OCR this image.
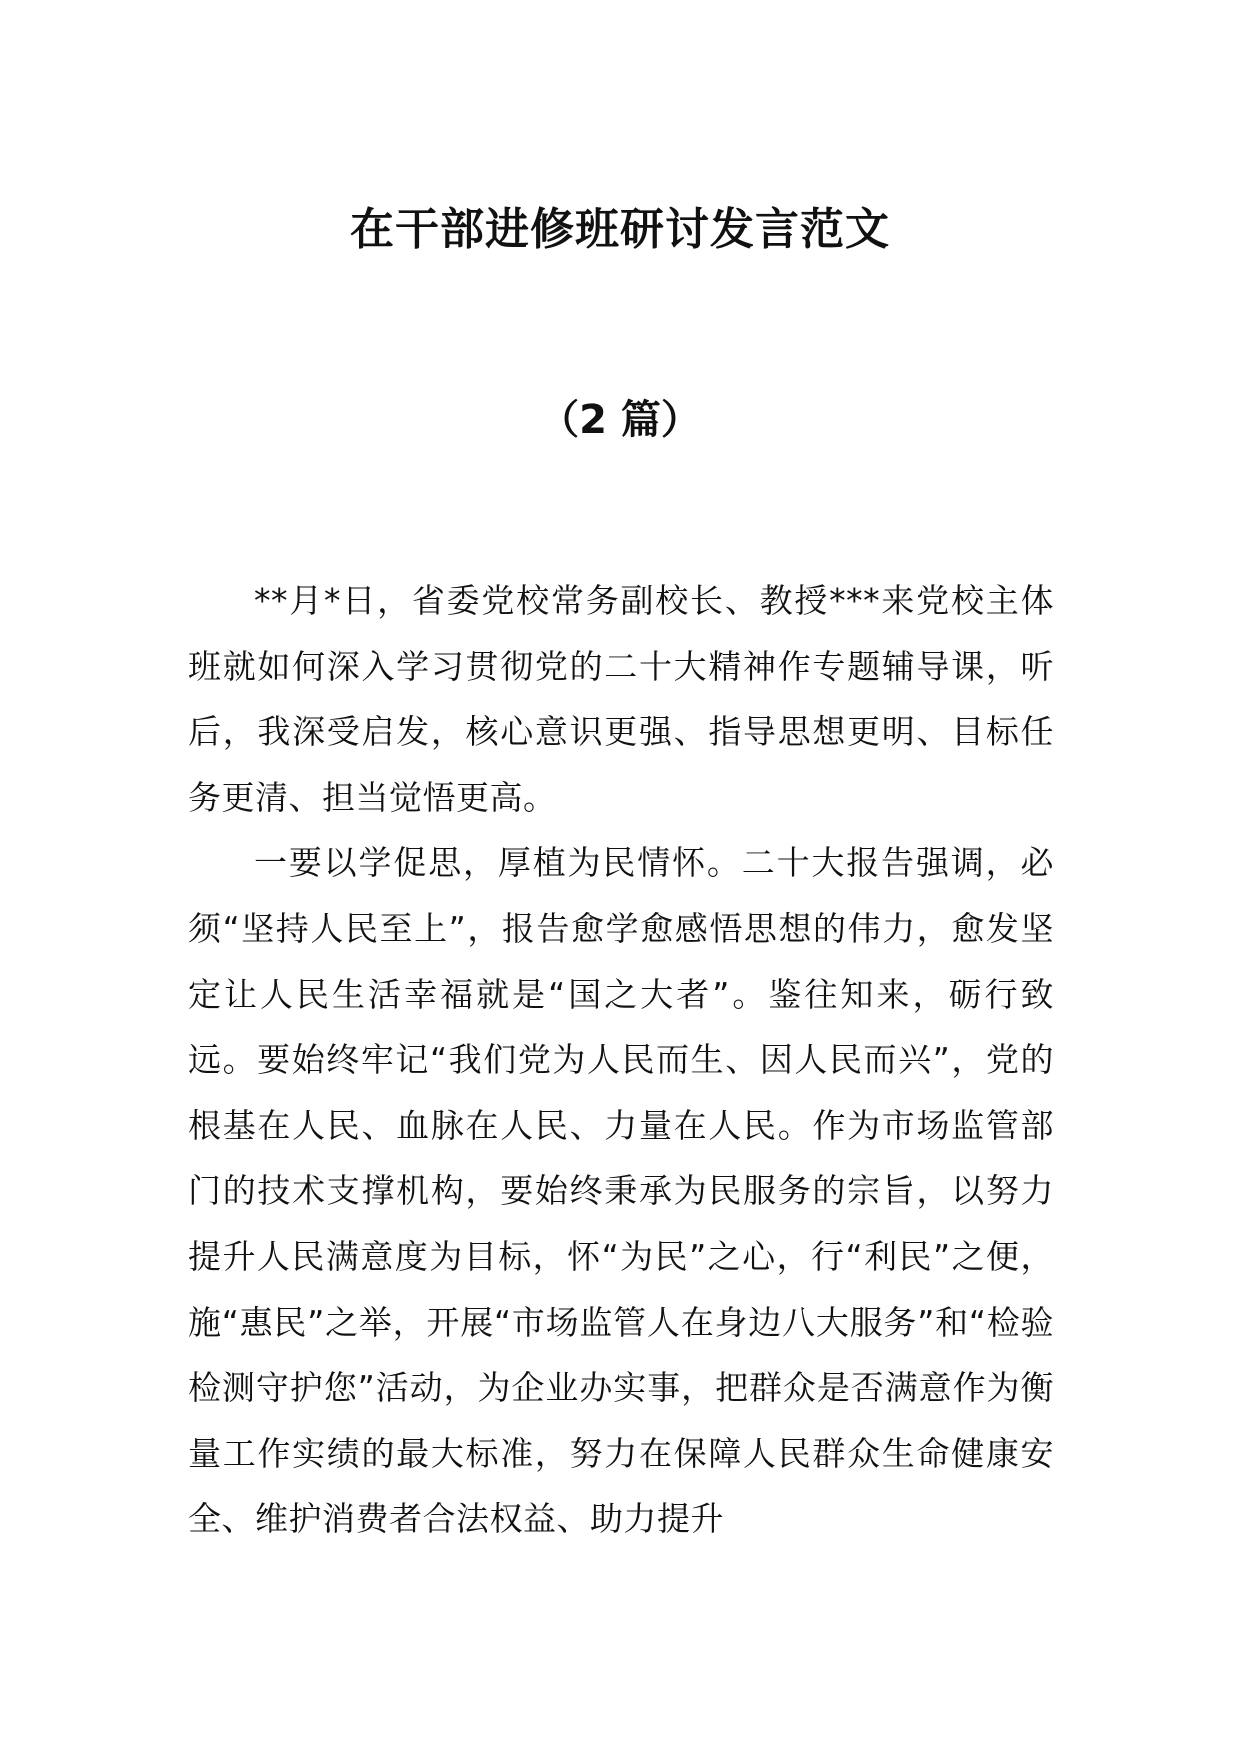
在干部进修班研讨发言范文
（2 篇）

**月*日，省委党校常务副校长、教授***来党校主体班就如何深入学习贯彻党的二十大精神作专题辅导课，听后，我深受启发，核心意识更强、指导思想更明、目标任务更清、担当觉悟更高。

一要以学促思，厚植为民情怀。二十大报告强调，必须“坚持人民至上”，报告愈学愈感悟思想的伟力，愈发坚定让人民生活幸福就是“国之大者”。鉴往知来，砺行致远。要始终牢记“我们党为人民而生、因人民而兴”，党的根基在人民、血脉在人民、力量在人民。作为市场监管部门的技术支撑机构，要始终秉承为民服务的宗旨，以努力提升人民满意度为目标，怀“为民”之心，行“利民”之便，施“惠民”之举，开展“市场监管人在身边八大服务”和“检验检测守护您”活动，为企业办实事，把群众是否满意作为衡量工作实绩的最大标准，努力在保障人民群众生命健康安全、维护消费者合法权益、助力提升
